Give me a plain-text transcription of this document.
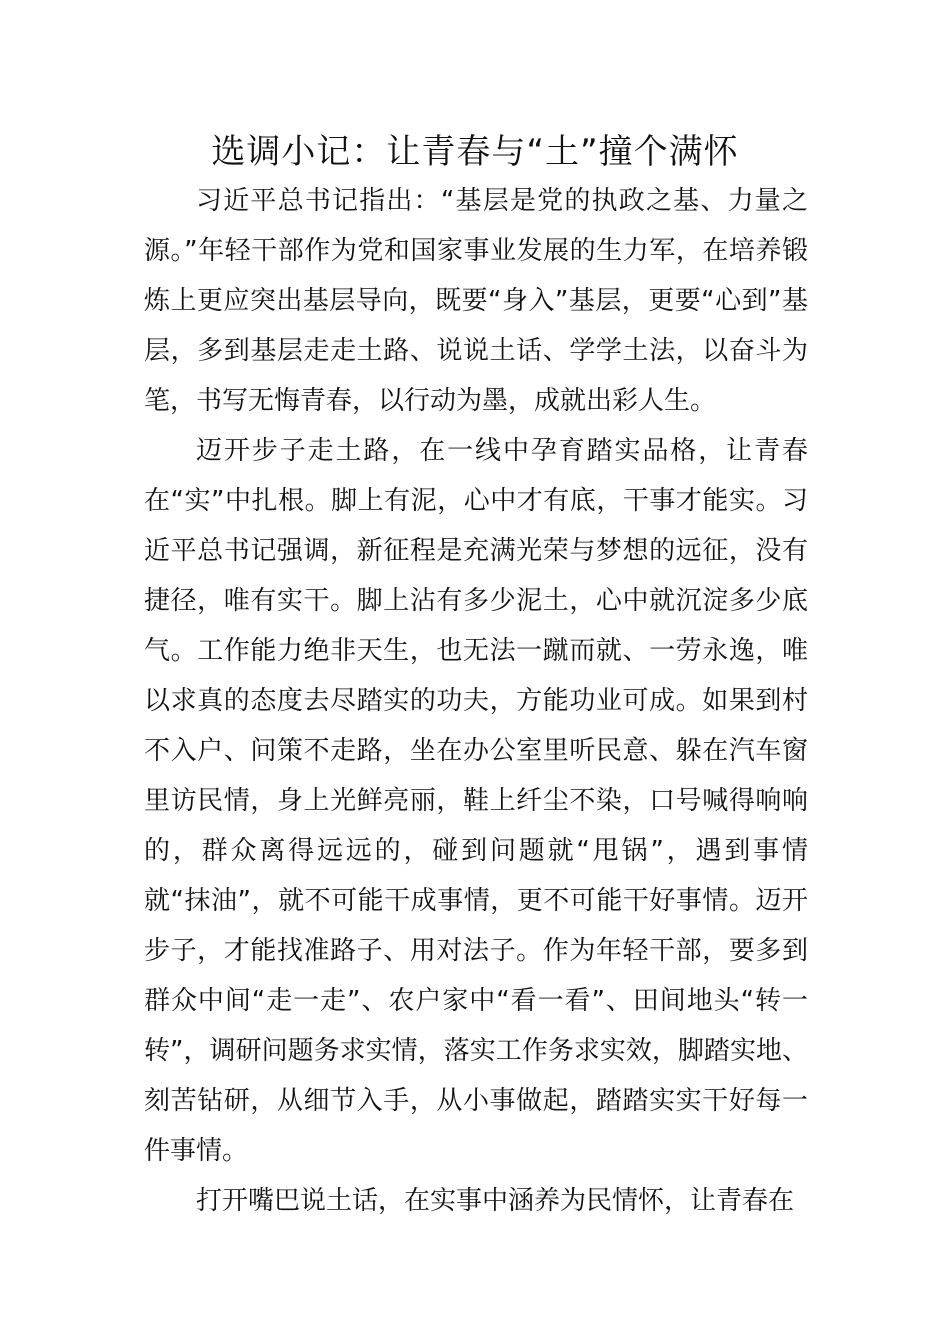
选调小记：让青春与“土”撞个满怀

习近平总书记指出：“基层是党的执政之基、力量之源。”年轻干部作为党和国家事业发展的生力军，在培养锻炼上更应突出基层导向，既要“身入”基层，更要“心到”基层，多到基层走走土路、说说土话、学学土法，以奋斗为笔，书写无悔青春，以行动为墨，成就出彩人生。

迈开步子走土路，在一线中孕育踏实品格，让青春在“实”中扎根。脚上有泥，心中才有底，干事才能实。习近平总书记强调，新征程是充满光荣与梦想的远征，没有捷径，唯有实干。脚上沾有多少泥土，心中就沉淀多少底气。工作能力绝非天生，也无法一蹴而就、一劳永逸，唯以求真的态度去尽踏实的功夫，方能功业可成。如果到村不入户、问策不走路，坐在办公室里听民意、躲在汽车窗里访民情，身上光鲜亮丽，鞋上纤尘不染，口号喊得响响的，群众离得远远的，碰到问题就“甩锅”，遇到事情就“抹油”，就不可能干成事情，更不可能干好事情。迈开步子，才能找准路子、用对法子。作为年轻干部，要多到群众中间“走一走”、农户家中“看一看”、田间地头“转一转”，调研问题务求实情，落实工作务求实效，脚踏实地、刻苦钻研，从细节入手，从小事做起，踏踏实实干好每一件事情。

打开嘴巴说土话，在实事中涵养为民情怀，让青春在
